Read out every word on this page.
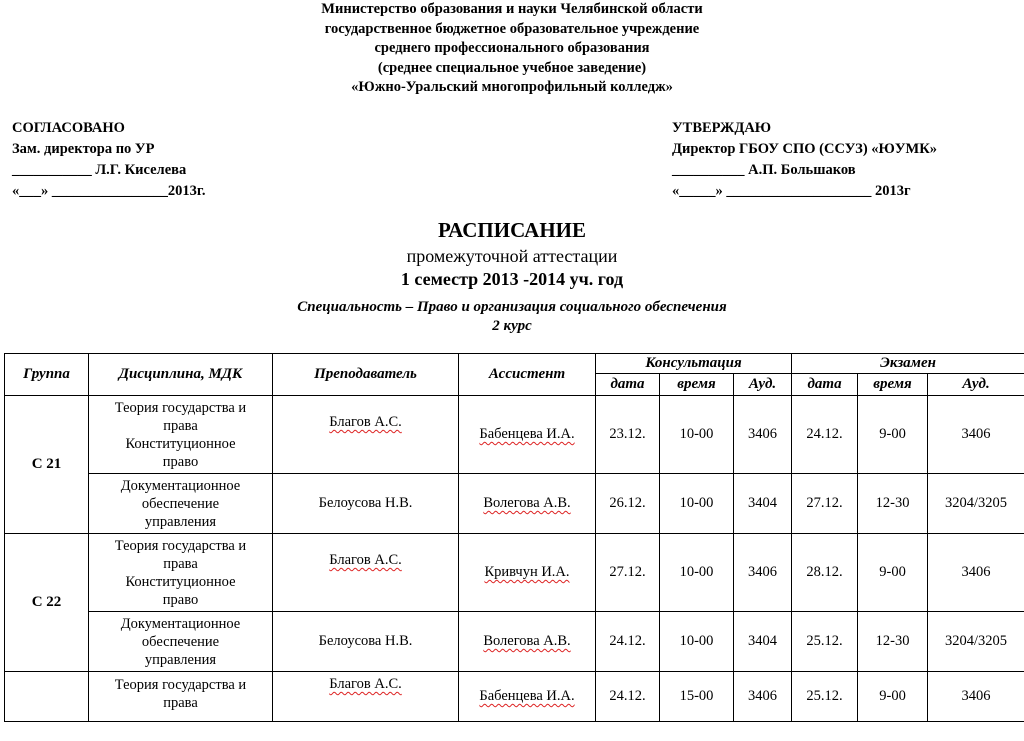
Министерство образования и науки Челябинской области
государственное бюджетное образовательное учреждение
среднего профессионального образования
(среднее специальное учебное заведение)
«Южно-Уральский многопрофильный колледж»
СОГЛАСОВАНО
Зам. директора по УР
___________ Л.Г. Киселева
«___» ________________2013г.
УТВЕРЖДАЮ
Директор ГБОУ СПО (ССУЗ) «ЮУМК»
__________ А.П. Большаков
«_____» ____________________ 2013г
РАСПИСАНИЕ
промежуточной аттестации
1 семестр 2013 -2014 уч. год
Специальность – Право и организация социального обеспечения
2 курс
Группа	Дисциплина, МДК	Преподаватель	Ассистент	Консультация			Экзамен		
				дата	время	Ауд.	дата	время	Ауд.
С 21	Теория государства и
права
Конституционное
право	Благов А.С.	Бабенцева И.А.	23.12.	10-00	3406	24.12.	9-00	3406

	Документационное
обеспечение
управления	Белоусова Н.В.	Волегова А.В.	26.12.	10-00	3404	27.12.	12-30	3204/3205
С 22	Теория государства и
права
Конституционное
право	Благов А.С.	Кривчун И.А.	27.12.	10-00	3406	28.12.	9-00	3406

	Документационное
обеспечение
управления	Белоусова Н.В.	Волегова А.В.	24.12.	10-00	3404	25.12.	12-30	3204/3205

	Теория государства и
права	Благов А.С.	Бабенцева И.А.	24.12.	15-00	3406	25.12.	9-00	3406
